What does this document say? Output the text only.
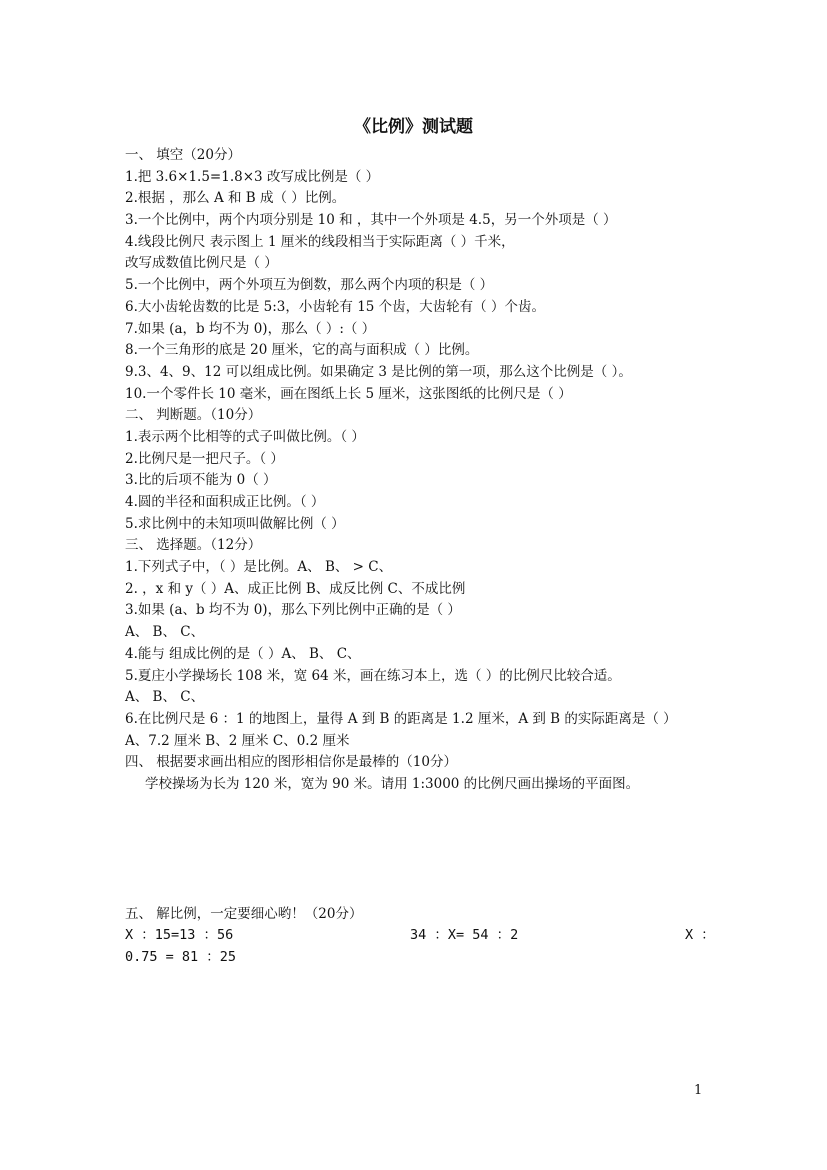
《比例》测试题
一、 填空（20分）
1.把 3.6×1.5=1.8×3 改写成比例是（ ）
2.根据 ，那么 A 和 B 成（ ）比例。
3.一个比例中，两个内项分别是 10 和 ，其中一个外项是 4.5，另一个外项是（ ）
4.线段比例尺 表示图上 1 厘米的线段相当于实际距离（ ）千米，
改写成数值比例尺是（ ）
5.一个比例中，两个外项互为倒数，那么两个内项的积是（ ）
6.大小齿轮齿数的比是 5:3，小齿轮有 15 个齿，大齿轮有（ ）个齿。
7.如果 (a，b 均不为 0)，那么（ ）:（ ）
8.一个三角形的底是 20 厘米，它的高与面积成（ ）比例。
9.3、4、9、12 可以组成比例。如果确定 3 是比例的第一项，那么这个比例是（ ）。
10.一个零件长 10 毫米，画在图纸上长 5 厘米，这张图纸的比例尺是（ ）
二、 判断题。（10分）
1.表示两个比相等的式子叫做比例。（ ）
2.比例尺是一把尺子。（ ）
3.比的后项不能为 0（ ）
4.圆的半径和面积成正比例。（ ）
5.求比例中的未知项叫做解比例（ ）
三、 选择题。（12分）
1.下列式子中，（ ）是比例。A、 B、 > C、
2. ，x 和 y（ ）A、成正比例 B、成反比例 C、不成比例
3.如果 (a、b 均不为 0)，那么下列比例中正确的是（ ）
A、 B、 C、
4.能与 组成比例的是（ ）A、 B、 C、
5.夏庄小学操场长 108 米，宽 64 米，画在练习本上，选（ ）的比例尺比较合适。
A、 B、 C、
6.在比例尺是 6 ：1 的地图上，量得 A 到 B 的距离是 1.2 厘米，A 到 B 的实际距离是（ ）
A、7.2 厘米 B、2 厘米 C、0.2 厘米
四、 根据要求画出相应的图形相信你是最棒的（10分）
学校操场为长为 120 米，宽为 90 米。请用 1:3000 的比例尺画出操场的平面图。
五、 解比例，一定要细心哟！（20分）
X ：15=13 ：56	34 ：X= 54 ：2	X ：
0.75 = 81 ：25
1
